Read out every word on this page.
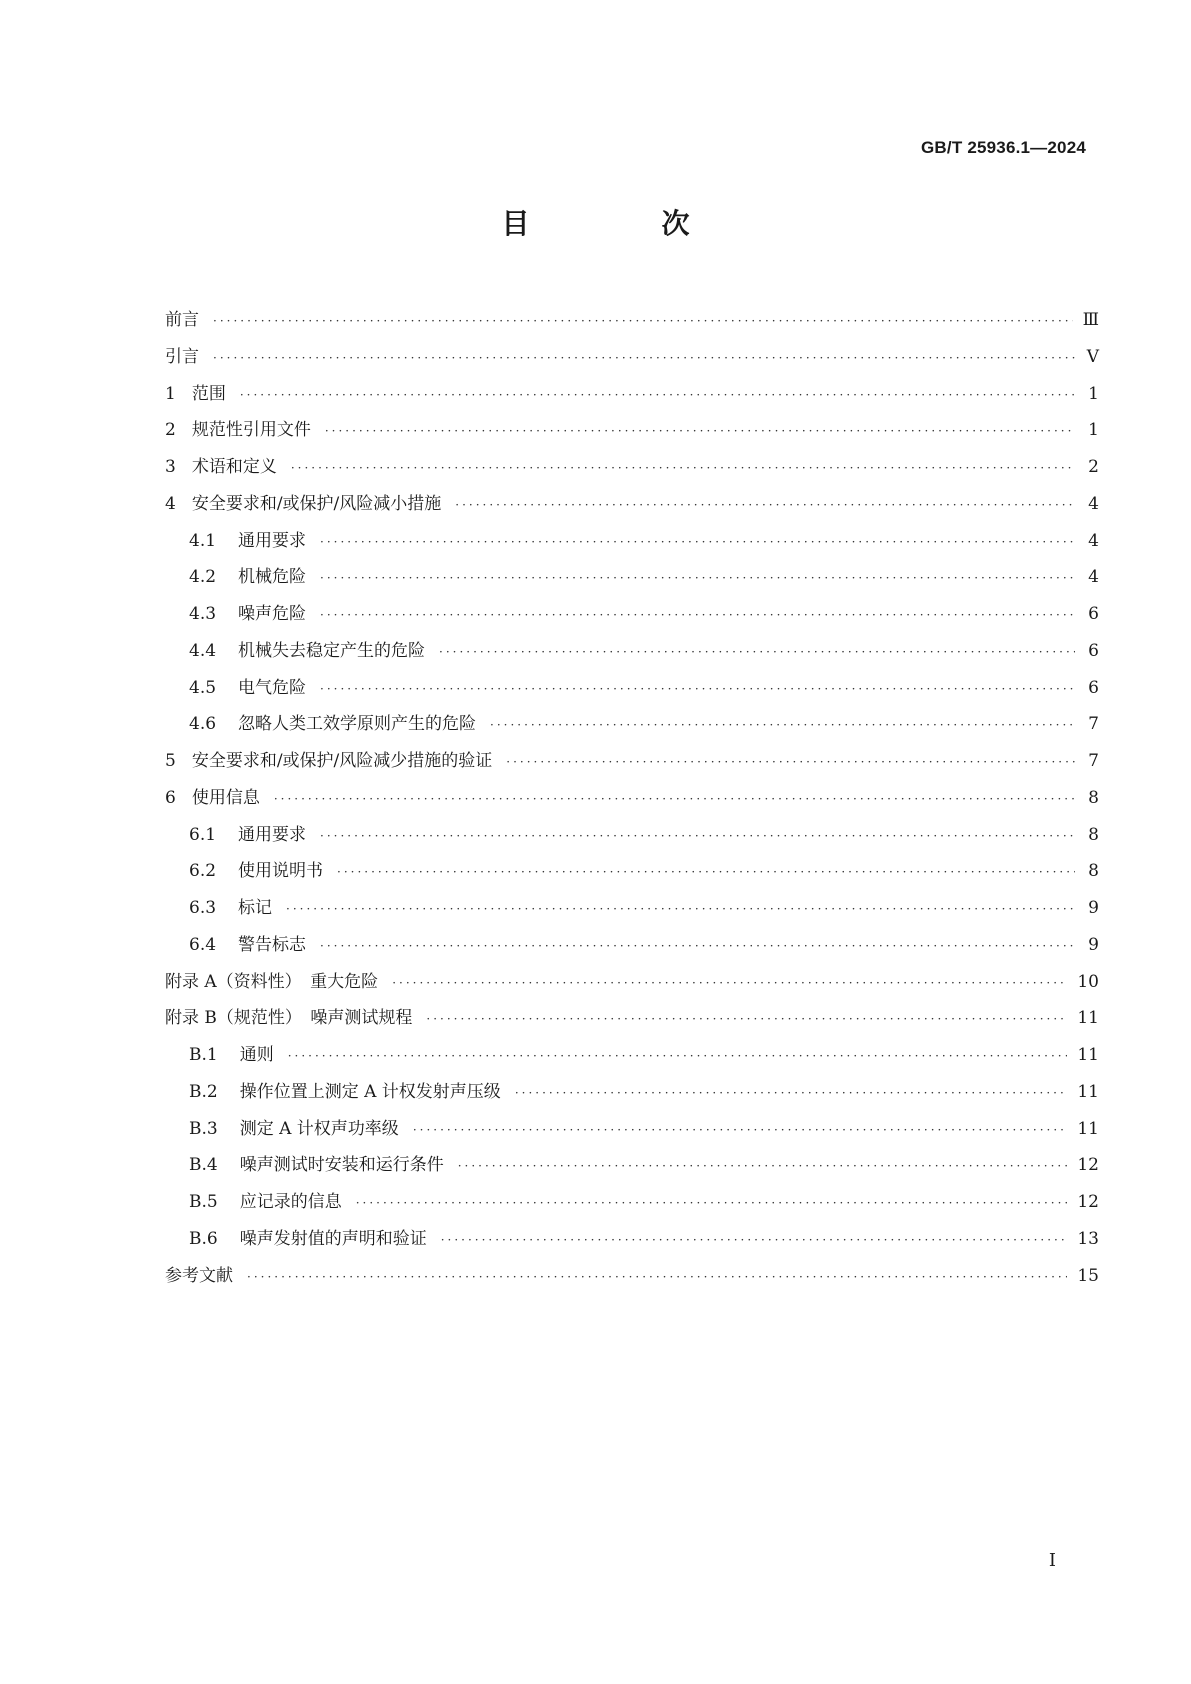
GB/T 25936.1—2024
目　次
前言 ·····	Ⅲ
引言 ·····	Ⅴ
1 范围 ·····	1
2 规范性引用文件 ·····	1
3 术语和定义 ·····	2
4 安全要求和/或保护/风险减小措施 ·····	4
4.1 通用要求 ·····	4
4.2 机械危险 ·····	4
4.3 噪声危险 ·····	6
4.4 机械失去稳定产生的危险 ·····	6
4.5 电气危险 ·····	6
4.6 忽略人类工效学原则产生的危险 ·····	7
5 安全要求和/或保护/风险减少措施的验证 ·····	7
6 使用信息 ·····	8
6.1 通用要求 ·····	8
6.2 使用说明书 ·····	8
6.3 标记 ·····	9
6.4 警告标志 ·····	9
附录 A（资料性）　重大危险 ·····	10
附录 B（规范性）　噪声测试规程 ·····	11
B.1 通则 ·····	11
B.2 操作位置上测定 A 计权发射声压级 ·····	11
B.3 测定 A 计权声功率级 ·····	11
B.4 噪声测试时安装和运行条件 ·····	12
B.5 应记录的信息 ·····	12
B.6 噪声发射值的声明和验证 ·····	13
参考文献 ·····	15
Ⅰ
